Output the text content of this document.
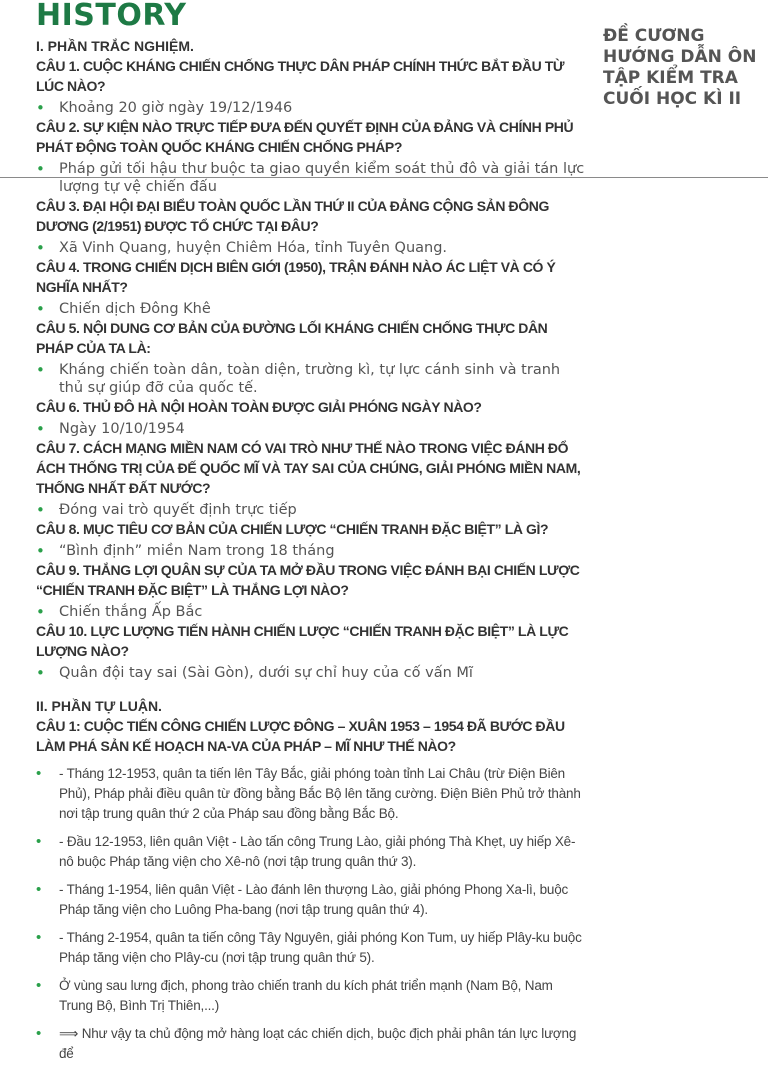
HISTORY
ĐỀ CƯƠNG HƯỚNG DẪN ÔN TẬP KIỂM TRA CUỐI HỌC KÌ II
I. PHẦN TRẮC NGHIỆM.
CÂU 1. CUỘC KHÁNG CHIẾN CHỐNG THỰC DÂN PHÁP CHÍNH THỨC BẮT ĐẦU TỪ LÚC NÀO?
• Khoảng 20 giờ ngày 19/12/1946
CÂU 2. SỰ KIỆN NÀO TRỰC TIẾP ĐƯA ĐẾN QUYẾT ĐỊNH CỦA ĐẢNG VÀ CHÍNH PHỦ PHÁT ĐỘNG TOÀN QUỐC KHÁNG CHIẾN CHỐNG PHÁP?
• Pháp gửi tối hậu thư buộc ta giao quyền kiểm soát thủ đô và giải tán lực lượng tự vệ chiến đấu
CÂU 3. ĐẠI HỘI ĐẠI BIỂU TOÀN QUỐC LẦN THỨ II CỦA ĐẢNG CỘNG SẢN ĐÔNG DƯƠNG (2/1951) ĐƯỢC TỔ CHỨC TẠI ĐÂU?
• Xã Vinh Quang, huyện Chiêm Hóa, tỉnh Tuyên Quang.
CÂU 4. TRONG CHIẾN DỊCH BIÊN GIỚI (1950), TRẬN ĐÁNH NÀO ÁC LIỆT VÀ CÓ Ý NGHĨA NHẤT?
• Chiến dịch Đông Khê
CÂU 5. NỘI DUNG CƠ BẢN CỦA ĐƯỜNG LỐI KHÁNG CHIẾN CHỐNG THỰC DÂN PHÁP CỦA TA LÀ:
• Kháng chiến toàn dân, toàn diện, trường kì, tự lực cánh sinh và tranh thủ sự giúp đỡ của quốc tế.
CÂU 6. THỦ ĐÔ HÀ NỘI HOÀN TOÀN ĐƯỢC GIẢI PHÓNG NGÀY NÀO?
• Ngày 10/10/1954
CÂU 7. CÁCH MẠNG MIỀN NAM CÓ VAI TRÒ NHƯ THẾ NÀO TRONG VIỆC ĐÁNH ĐỔ ÁCH THỐNG TRỊ CỦA ĐẾ QUỐC MĨ VÀ TAY SAI CỦA CHÚNG, GIẢI PHÓNG MIỀN NAM, THỐNG NHẤT ĐẤT NƯỚC?
• Đóng vai trò quyết định trực tiếp
CÂU 8. MỤC TIÊU CƠ BẢN CỦA CHIẾN LƯỢC “CHIẾN TRANH ĐẶC BIỆT” LÀ GÌ?
• “Bình định” miền Nam trong 18 tháng
CÂU 9. THẮNG LỢI QUÂN SỰ CỦA TA MỞ ĐẦU TRONG VIỆC ĐÁNH BẠI CHIẾN LƯỢC “CHIẾN TRANH ĐẶC BIỆT” LÀ THẮNG LỢI NÀO?
• Chiến thắng Ấp Bắc
CÂU 10. LỰC LƯỢNG TIẾN HÀNH CHIẾN LƯỢC “CHIẾN TRANH ĐẶC BIỆT” LÀ LỰC LƯỢNG NÀO?
• Quân đội tay sai (Sài Gòn), dưới sự chỉ huy của cố vấn Mĩ
II. PHẦN TỰ LUẬN.
CÂU 1: CUỘC TIẾN CÔNG CHIẾN LƯỢC ĐÔNG – XUÂN 1953 – 1954 ĐÃ BƯỚC ĐẦU LÀM PHÁ SẢN KẾ HOẠCH NA-VA CỦA PHÁP – MĨ NHƯ THẾ NÀO?
• - Tháng 12-1953, quân ta tiến lên Tây Bắc, giải phóng toàn tỉnh Lai Châu (trừ Điện Biên Phủ), Pháp phải điều quân từ đồng bằng Bắc Bộ lên tăng cường. Điện Biên Phủ trở thành nơi tập trung quân thứ 2 của Pháp sau đồng bằng Bắc Bộ.
• - Đầu 12-1953, liên quân Việt - Lào tấn công Trung Lào, giải phóng Thà Khẹt, uy hiếp Xê-nô buộc Pháp tăng viện cho Xê-nô (nơi tập trung quân thứ 3).
• - Tháng 1-1954, liên quân Việt - Lào đánh lên thượng Lào, giải phóng Phong Xa-lì, buộc Pháp tăng viện cho Luông Pha-bang (nơi tập trung quân thứ 4).
• - Tháng 2-1954, quân ta tiến công Tây Nguyên, giải phóng Kon Tum, uy hiếp Plây-ku buộc Pháp tăng viện cho Plây-cu (nơi tập trung quân thứ 5).
• Ở vùng sau lưng địch, phong trào chiến tranh du kích phát triển mạnh (Nam Bộ, Nam Trung Bộ, Bình Trị Thiên,...)
• ⟹ Như vậy ta chủ động mở hàng loạt các chiến dịch, buộc địch phải phân tán lực lượng để
